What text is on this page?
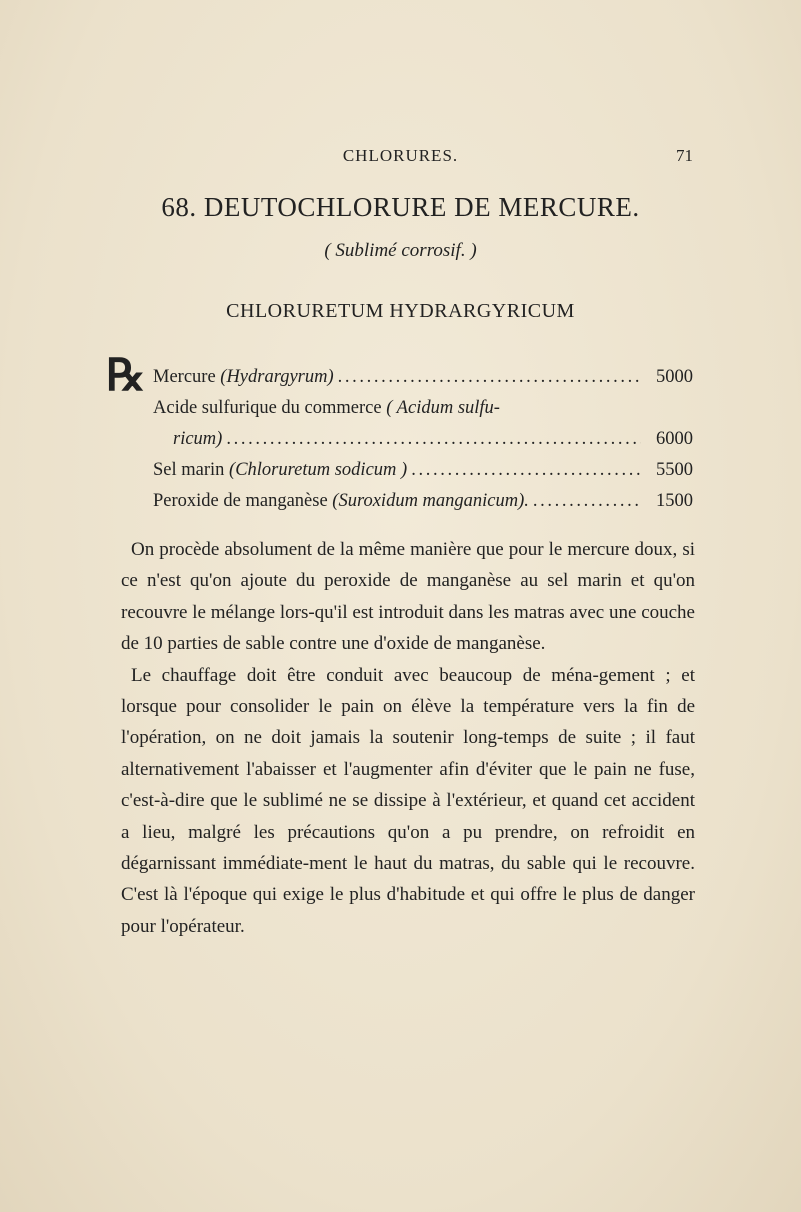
CHLORURES.	71
68. DEUTOCHLORURE DE MERCURE.
( Sublimé corrosif. )
CHLORURETUM HYDRARGYRICUM
℞ Mercure (Hydrargyrum) . . .	5000
Acide sulfurique du commerce ( Acidum sulfu-
ricum) . . .	6000
Sel marin (Chloruretum sodicum ) . . .	5500
Peroxide de manganèse (Suroxidum manganicum). . . .	1500

On procède absolument de la même manière que pour le mercure doux, si ce n'est qu'on ajoute du peroxide de manganèse au sel marin et qu'on recouvre le mélange lors-qu'il est introduit dans les matras avec une couche de 10 parties de sable contre une d'oxide de manganèse.

Le chauffage doit être conduit avec beaucoup de ména-gement ; et lorsque pour consolider le pain on élève la température vers la fin de l'opération, on ne doit jamais la soutenir long-temps de suite ; il faut alternativement l'abaisser et l'augmenter afin d'éviter que le pain ne fuse, c'est-à-dire que le sublimé ne se dissipe à l'extérieur, et quand cet accident a lieu, malgré les précautions qu'on a pu prendre, on refroidit en dégarnissant immédiate-ment le haut du matras, du sable qui le recouvre. C'est là l'époque qui exige le plus d'habitude et qui offre le plus de danger pour l'opérateur.
